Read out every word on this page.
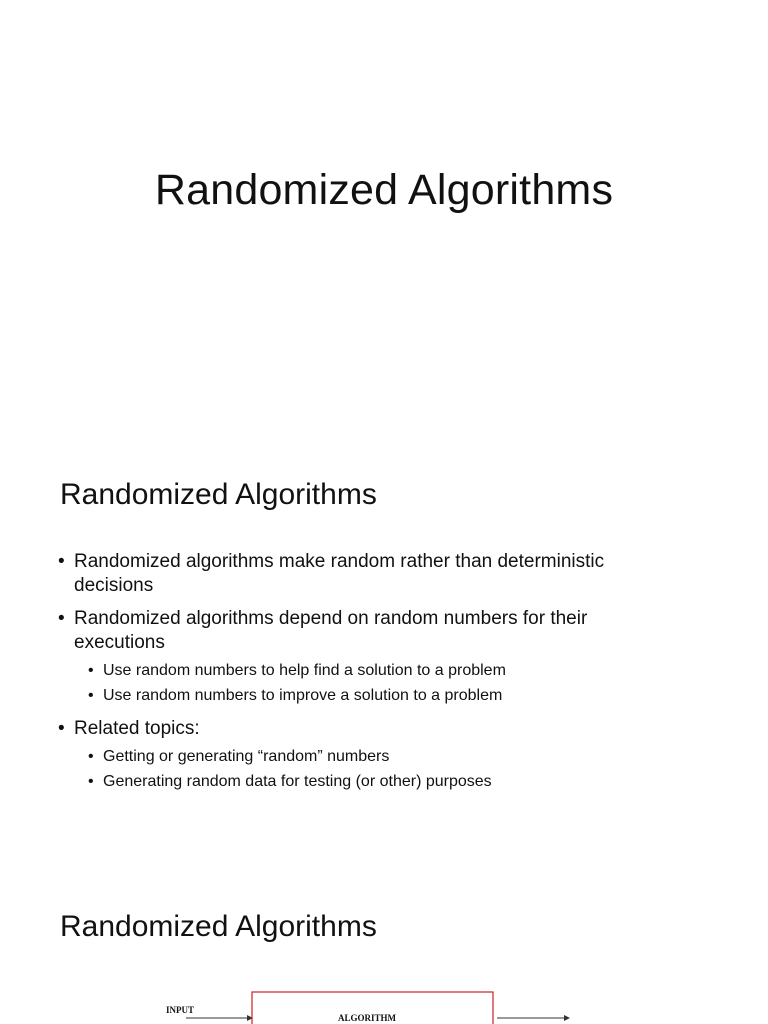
Randomized Algorithms
Randomized Algorithms
• Randomized algorithms make random rather than deterministic
decisions
• Randomized algorithms depend on random numbers for their
executions
• Use random numbers to help find a solution to a problem
• Use random numbers to improve a solution to a problem
• Related topics:
• Getting or generating “random” numbers
• Generating random data for testing (or other) purposes
Randomized Algorithms
INPUT
ALGORITHM
